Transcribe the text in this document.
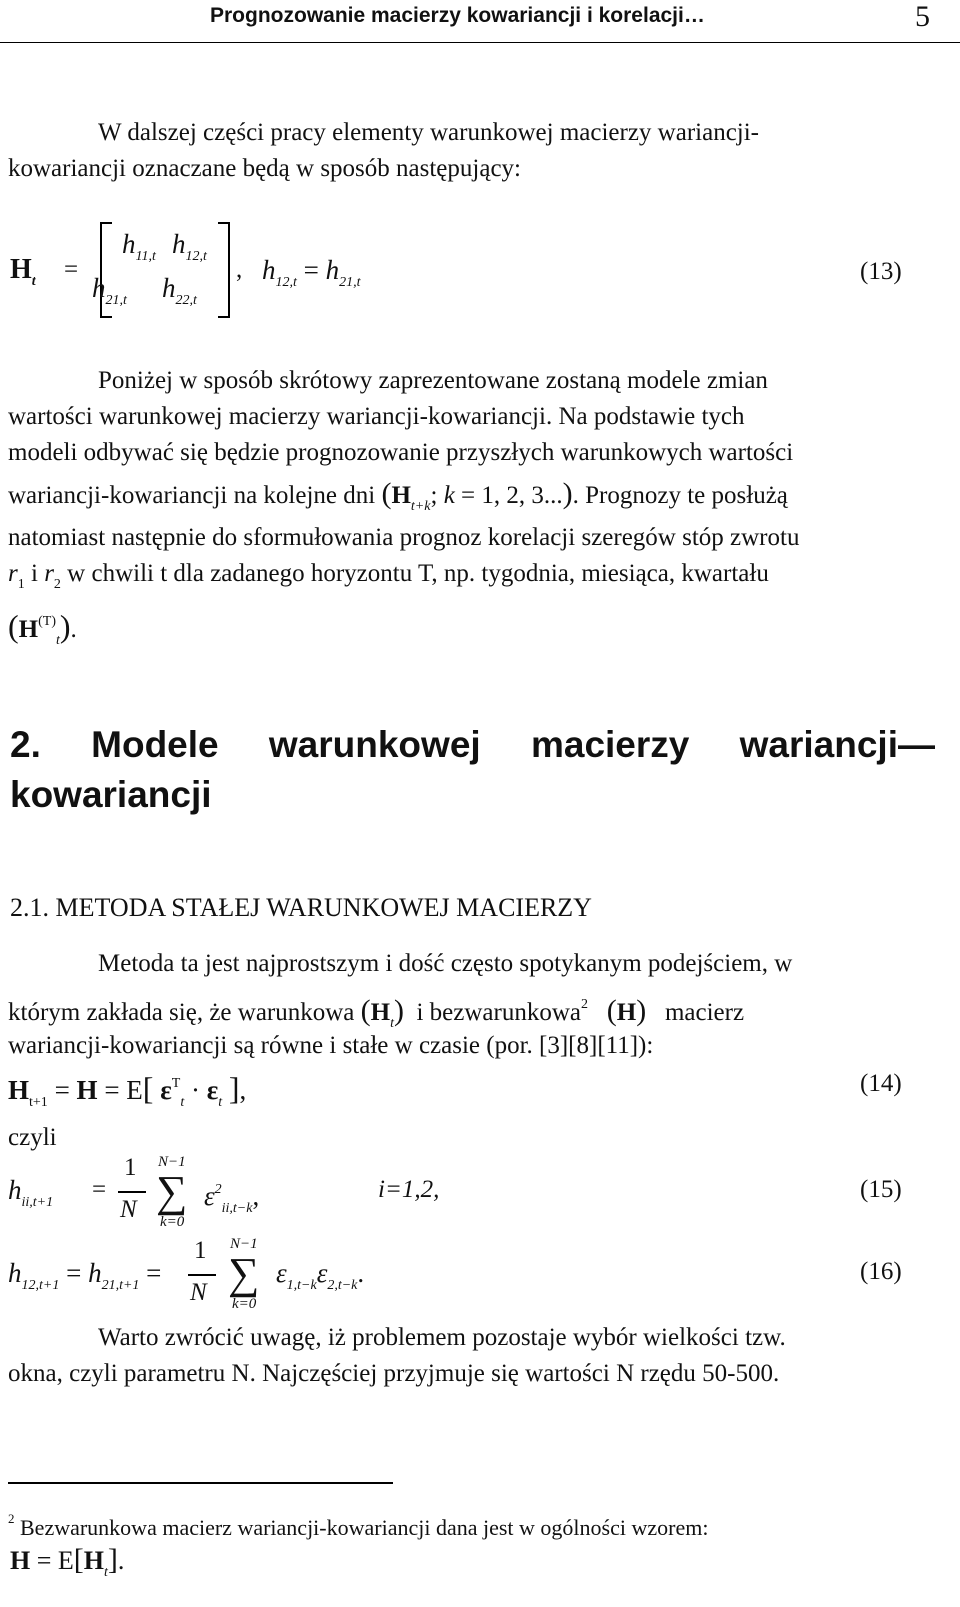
Prognozowanie macierzy kowariancji i korelacji…	5
W dalszej części pracy elementy warunkowej macierzy wariancji-
kowariancji oznaczane będą w sposób następujący:
$H_t$ =
$h_{11,t}$ $h_{12,t}$
$h_{21,t}$ $h_{22,t}$
, $h_{12,t} = h_{21,t}$	(13)
Poniżej w sposób skrótowy zaprezentowane zostaną modele zmian
wartości warunkowej macierzy wariancji-kowariancji. Na podstawie tych
modeli odbywać się będzie prognozowanie przyszłych warunkowych wartości
wariancji-kowariancji na kolejne dni ($H_{t+k}$; k = 1, 2, 3...). Prognozy te posłużą
natomiast następnie do sformułowania prognoz korelacji szeregów stóp zwrotu
$r_1$ i $r_2$ w chwili t dla zadanego horyzontu T, np. tygodnia, miesiąca, kwartału
$(H^{(T)}_t)$.
2. Modele warunkowej macierzy wariancji—
kowariancji
2.1. METODA STAŁEJ WARUNKOWEJ MACIERZY
Metoda ta jest najprostszym i dość często spotykanym podejściem, w
którym zakłada się, że warunkowa $(H_t)$ i bezwarunkowa$^2$ (H) macierz
wariancji-kowariancji są równe i stałe w czasie (por. [3][8][11]):
$H_{t+1} = H = E$[ $\varepsilon^T_t \cdot \varepsilon_t$ ],	(14)
czyli
$h_{ii,t+1}$ =
1
N
N−1
∑
k=0
$\varepsilon^2_{ii,t-k}$,	i=1,2,	(15)
$h_{12,t+1} = h_{21,t+1}$ =
1
N
N−1
∑
k=0
$\varepsilon_{1,t-k}\varepsilon_{2,t-k}$.	(16)
Warto zwrócić uwagę, iż problemem pozostaje wybór wielkości tzw.
okna, czyli parametru N. Najczęściej przyjmuje się wartości N rzędu 50-500.
$^2$ Bezwarunkowa macierz wariancji-kowariancji dana jest w ogólności wzorem:
$H = E[H_t]$.
